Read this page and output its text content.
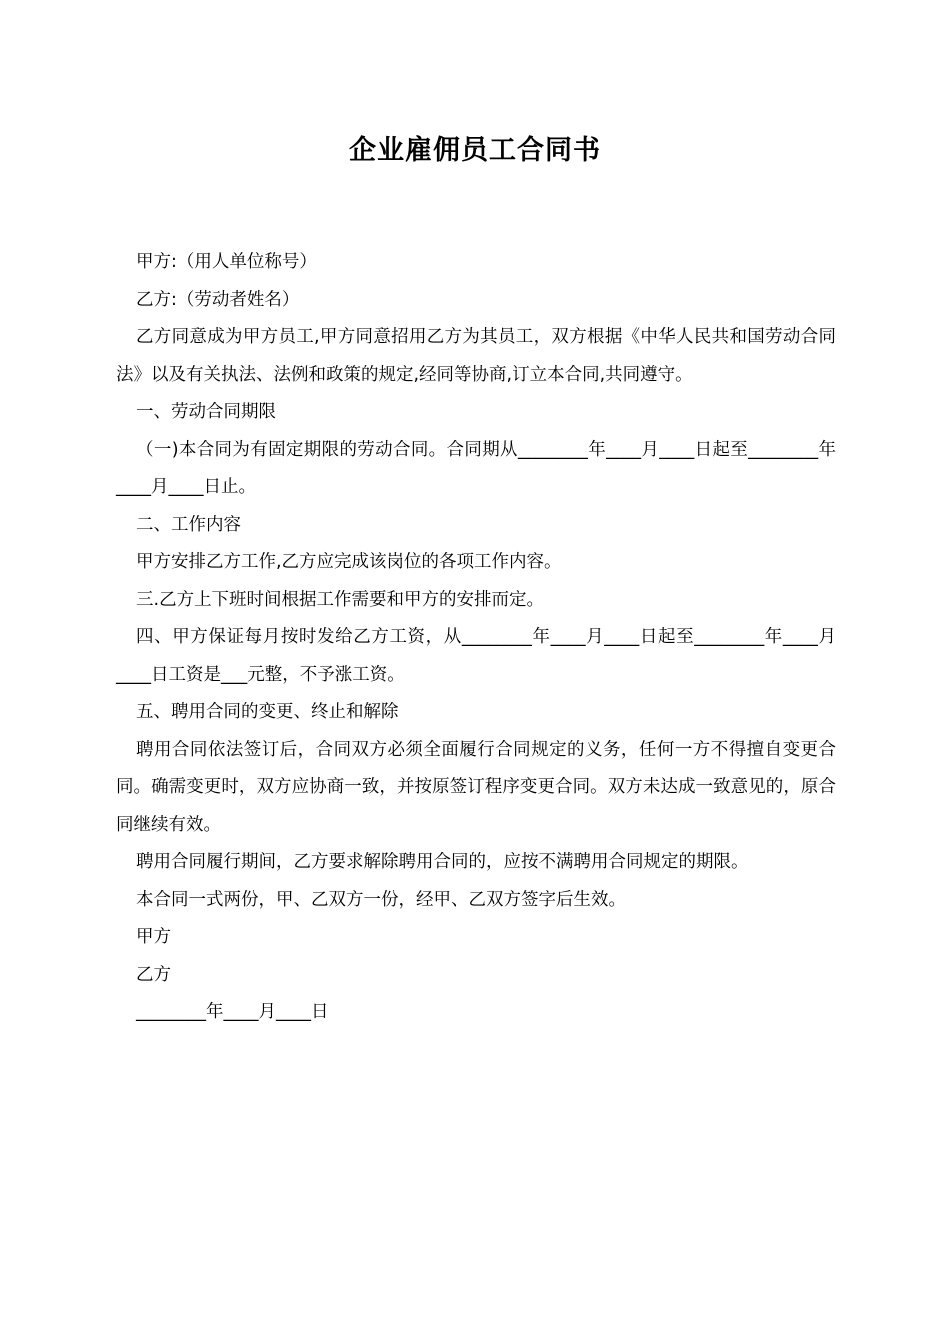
企业雇佣员工合同书

甲方:（用人单位称号）

乙方:（劳动者姓名）

乙方同意成为甲方员工,甲方同意招用乙方为其员工，双方根据《中华人民共和国劳动合同法》以及有关执法、法例和政策的规定,经同等协商,订立本合同,共同遵守。

一、劳动合同期限

（一)本合同为有固定期限的劳动合同。合同期从________年____月____日起至________年____月____日止。

二、工作内容

甲方安排乙方工作,乙方应完成该岗位的各项工作内容。

三.乙方上下班时间根据工作需要和甲方的安排而定。

四、甲方保证每月按时发给乙方工资，从________年____月____日起至________年____月____日工资是___元整，不予涨工资。

五、聘用合同的变更、终止和解除

聘用合同依法签订后，合同双方必须全面履行合同规定的义务，任何一方不得擅自变更合同。确需变更时，双方应协商一致，并按原签订程序变更合同。双方未达成一致意见的，原合同继续有效。

聘用合同履行期间，乙方要求解除聘用合同的，应按不满聘用合同规定的期限。

本合同一式两份，甲、乙双方一份，经甲、乙双方签字后生效。

甲方

乙方

________年____月____日
